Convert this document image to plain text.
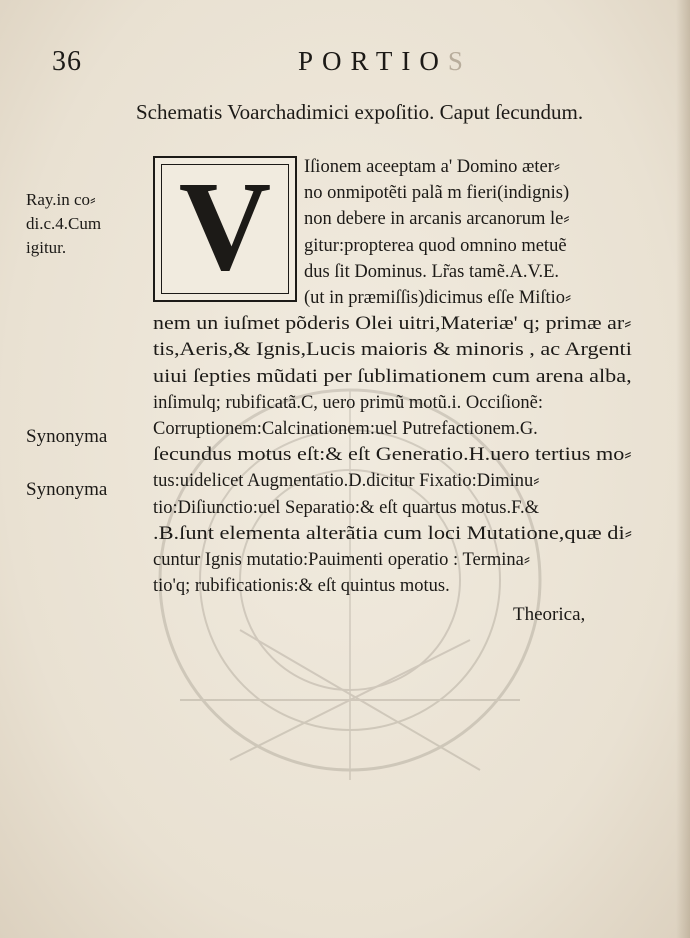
36	PORTIOS
Schematis Voarchadimici expoſitio. Caput ſecundum.
Ray.in co⸗
di.c.4.Cum
igitur.
Synonyma
Synonyma
V	Iſionem aceeptam a' Domino æter⸗
no onmipotẽti palã m fieri(indignis)
non debere in arcanis arcanorum le⸗
gitur:propterea quod omnino metuẽ
dus ſit Dominus. Lr̃as tamẽ.A.V.E.
(ut in præmiſſis)dicimus eſſe Miſtio⸗
nem un iuſmet põderis Olei uitri,Materiæ' q; primæ ar⸗
tis,Aeris,& Ignis,Lucis maioris & minoris , ac Argenti
uiui ſepties mũdati per ſublimationem cum arena alba,
inſimulq; rubificatã.C, uero primũ motũ.i. Occiſionẽ:
Corruptionem:Calcinationem:uel Putrefactionem.G.
ſecundus motus eſt:& eſt Generatio.H.uero tertius mo⸗
tus:uidelicet Augmentatio.D.dicitur Fixatio:Diminu⸗
tio:Diſiunctio:uel Separatio:& eſt quartus motus.F.&
.B.ſunt elementa alterãtia cum loci Mutatione,quæ di⸗
cuntur Ignis mutatio:Pauimenti operatio : Termina⸗
tio'q; rubificationis:& eſt quintus motus.
Theorica,
